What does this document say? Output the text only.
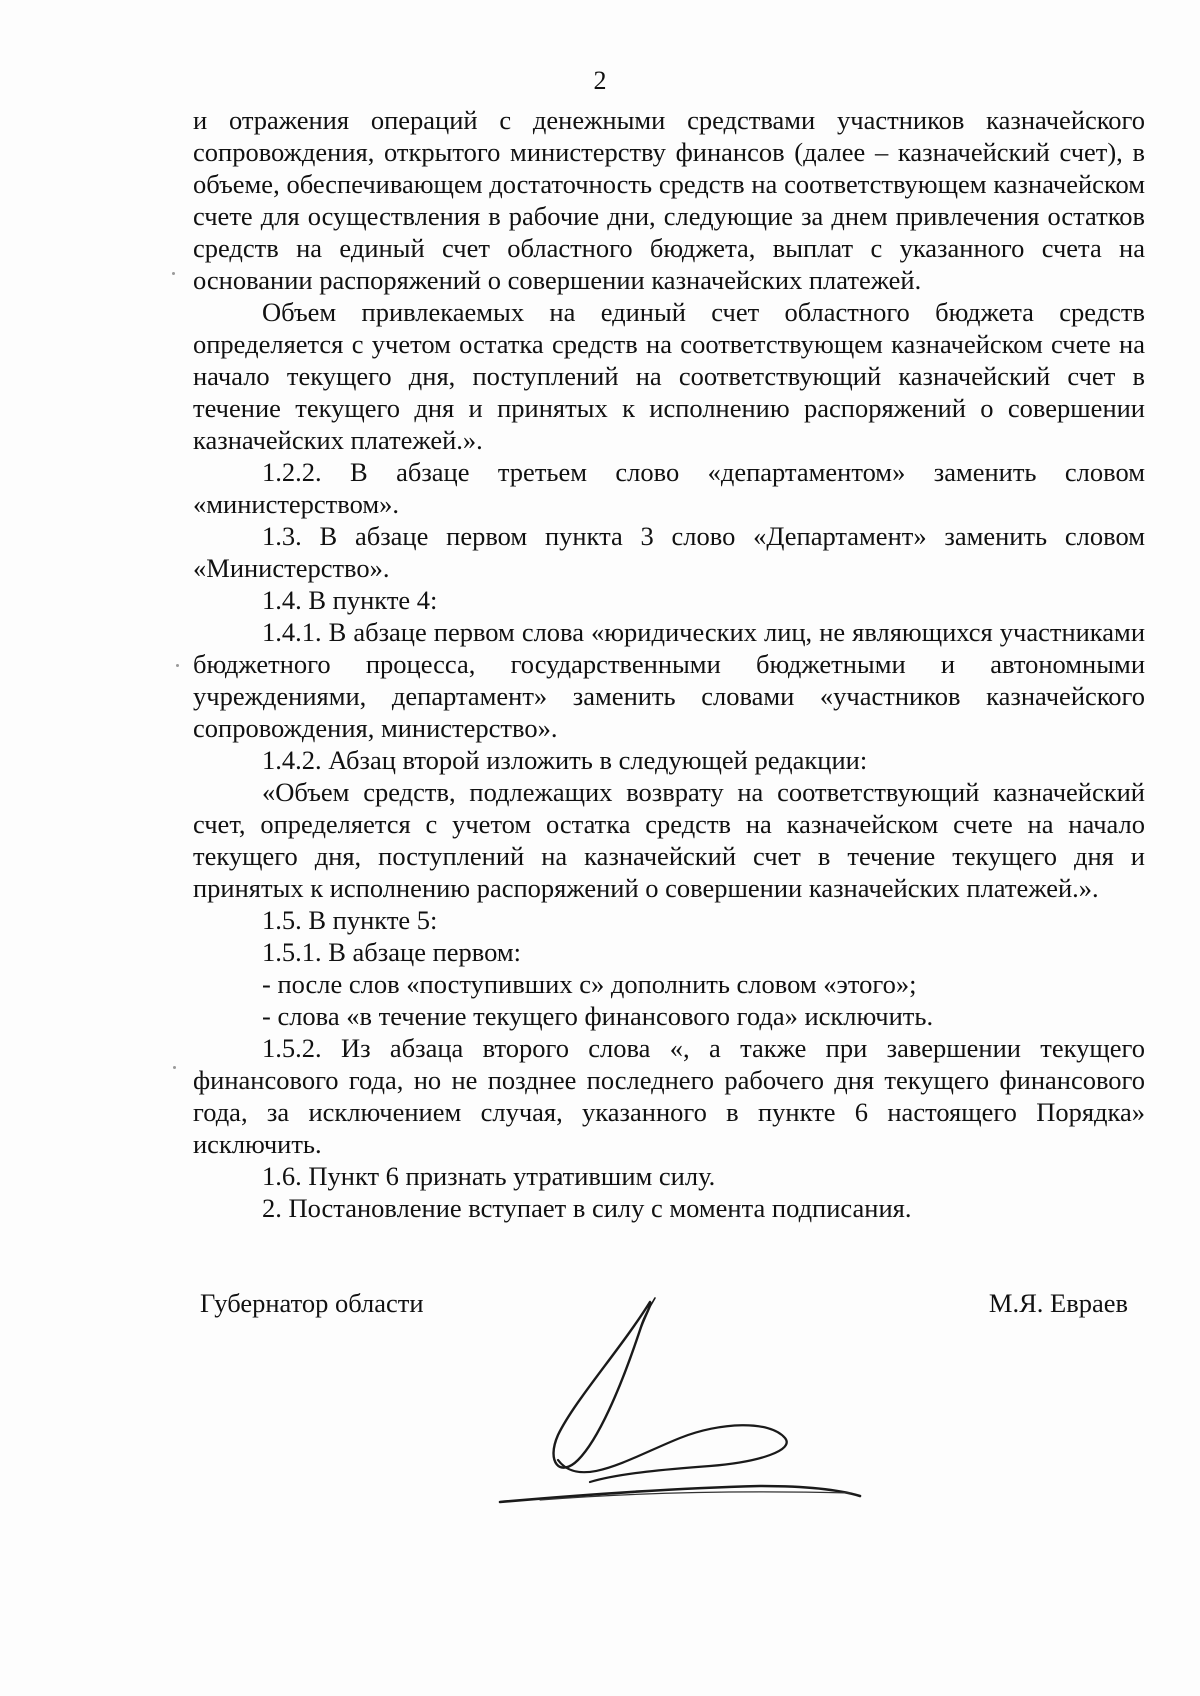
2

и отражения операций с денежными средствами участников казначейского сопровождения, открытого министерству финансов (далее – казначейский счет), в объеме, обеспечивающем достаточность средств на соответствующем казначейском счете для осуществления в рабочие дни, следующие за днем привлечения остатков средств на единый счет областного бюджета, выплат с указанного счета на основании распоряжений о совершении казначейских платежей.

Объем привлекаемых на единый счет областного бюджета средств определяется с учетом остатка средств на соответствующем казначейском счете на начало текущего дня, поступлений на соответствующий казначейский счет в течение текущего дня и принятых к исполнению распоряжений о совершении казначейских платежей.».

1.2.2. В абзаце третьем слово «департаментом» заменить словом «министерством».

1.3. В абзаце первом пункта 3 слово «Департамент» заменить словом «Министерство».

1.4. В пункте 4:

1.4.1. В абзаце первом слова «юридических лиц, не являющихся участниками бюджетного процесса, государственными бюджетными и автономными учреждениями, департамент» заменить словами «участников казначейского сопровождения, министерство».

1.4.2. Абзац второй изложить в следующей редакции:

«Объем средств, подлежащих возврату на соответствующий казначейский счет, определяется с учетом остатка средств на казначейском счете на начало текущего дня, поступлений на казначейский счет в течение текущего дня и принятых к исполнению распоряжений о совершении казначейских платежей.».

1.5. В пункте 5:

1.5.1. В абзаце первом:

- после слов «поступивших с» дополнить словом «этого»;

- слова «в течение текущего финансового года» исключить.

1.5.2. Из абзаца второго слова «, а также при завершении текущего финансового года, но не позднее последнего рабочего дня текущего финансового года, за исключением случая, указанного в пункте 6 настоящего Порядка» исключить.

1.6. Пункт 6 признать утратившим силу.

2. Постановление вступает в силу с момента подписания.

Губернатор области	М.Я. Евраев
